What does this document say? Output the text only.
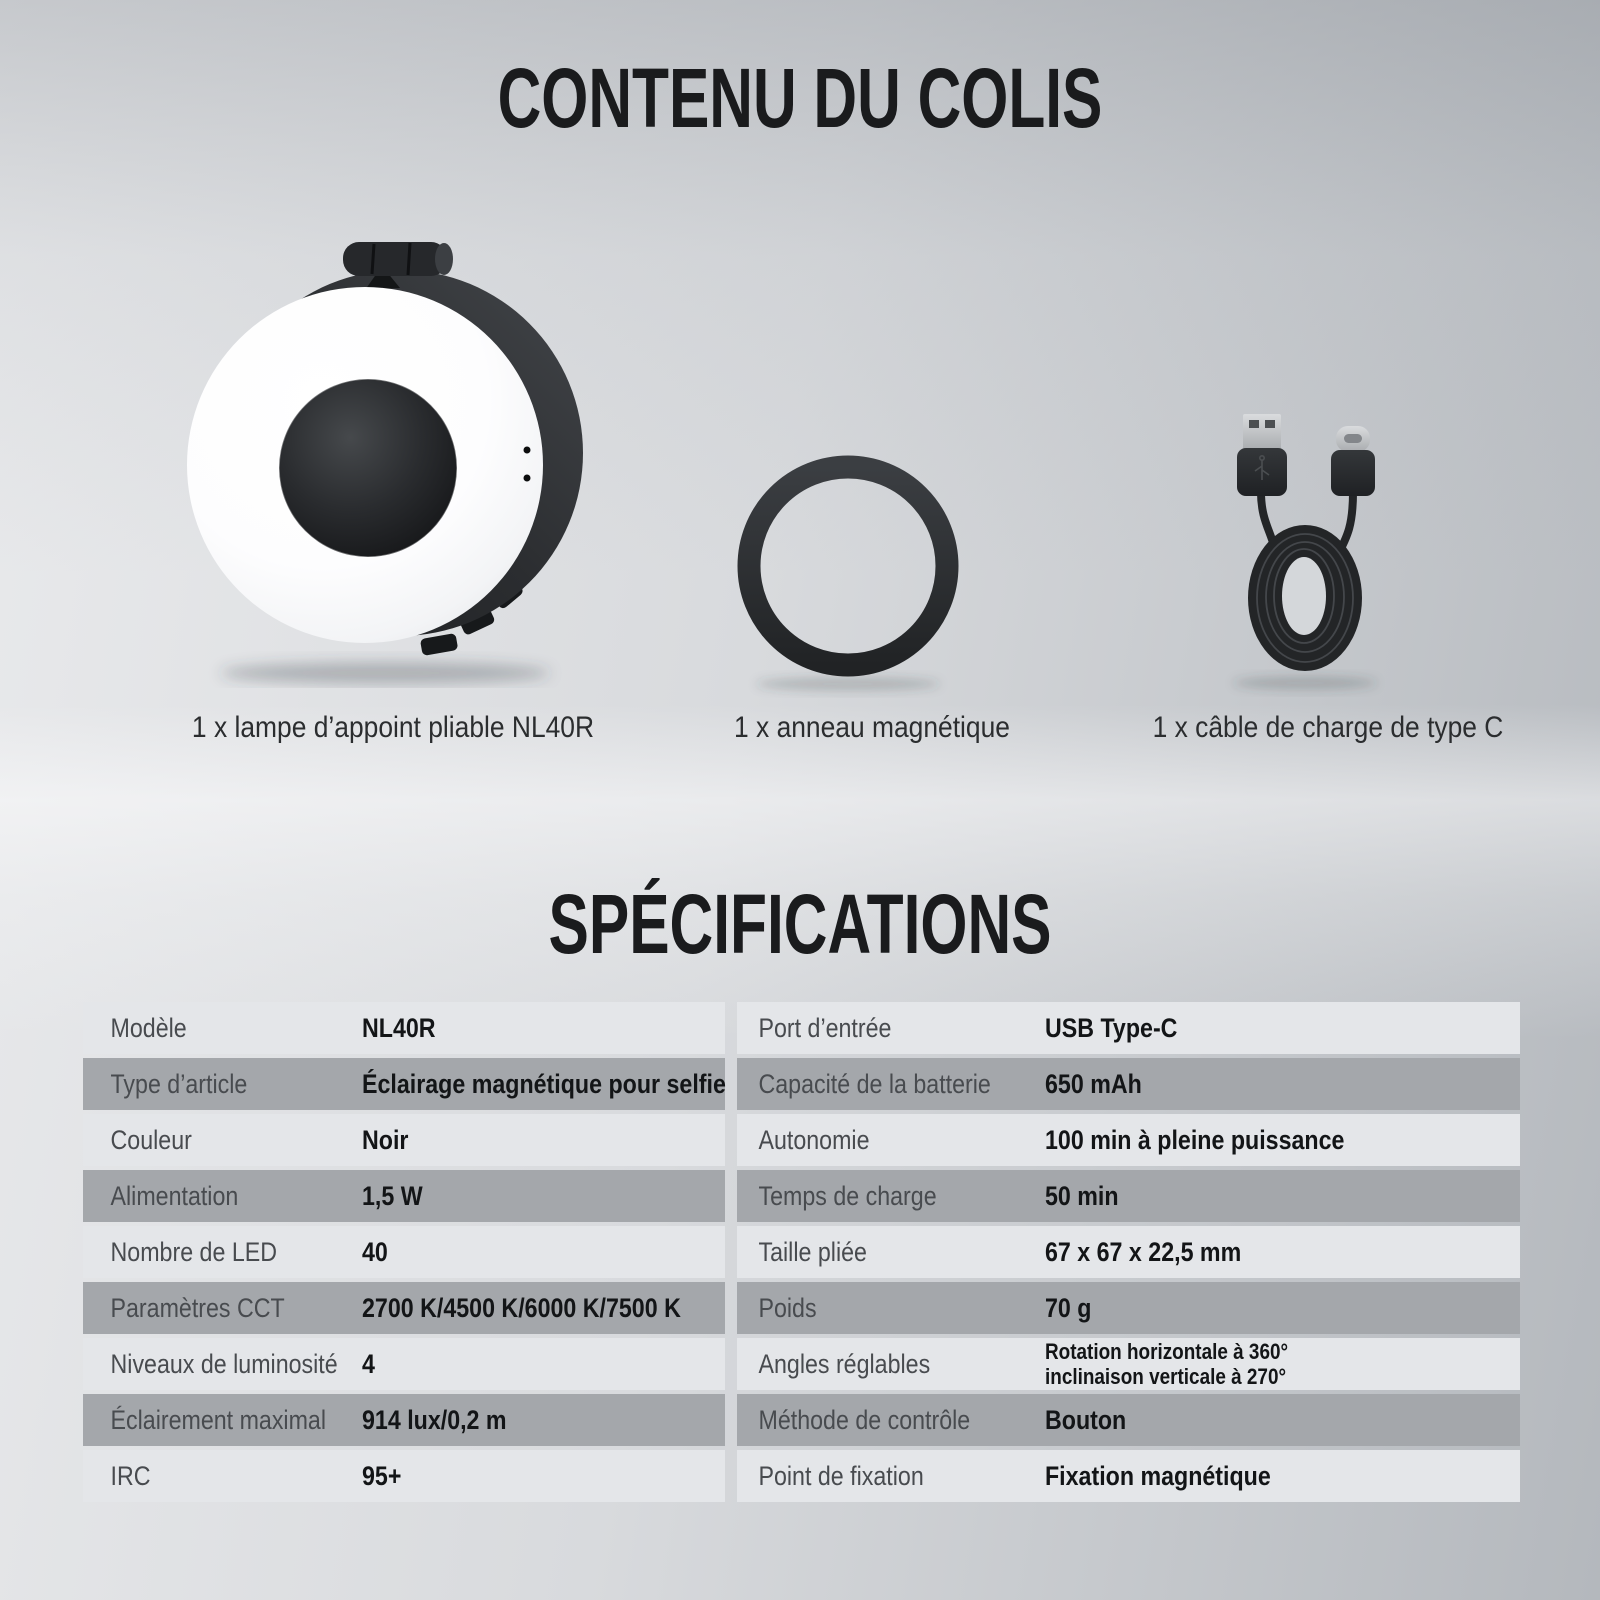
CONTENU DU COLIS
1 x lampe d’appoint pliable NL40R	1 x anneau magnétique	1 x câble de charge de type C
SPÉCIFICATIONS
Modèle	NL40R
Type d’article	Éclairage magnétique pour selfie
Couleur	Noir
Alimentation	1,5 W
Nombre de LED	40
Paramètres CCT	2700 K/4500 K/6000 K/7500 K
Niveaux de luminosité 4
Éclairement maximal 914 lux/0,2 m
IRC	95+
Port d’entrée	USB Type-C
Capacité de la batterie	650 mAh
Autonomie	100 min à pleine puissance
Temps de charge	50 min
Taille pliée	67 x 67 x 22,5 mm
Poids	70 g
Angles réglables	Rotation horizontale à 360°
inclinaison verticale à 270°
Méthode de contrôle	Bouton
Point de fixation	Fixation magnétique
